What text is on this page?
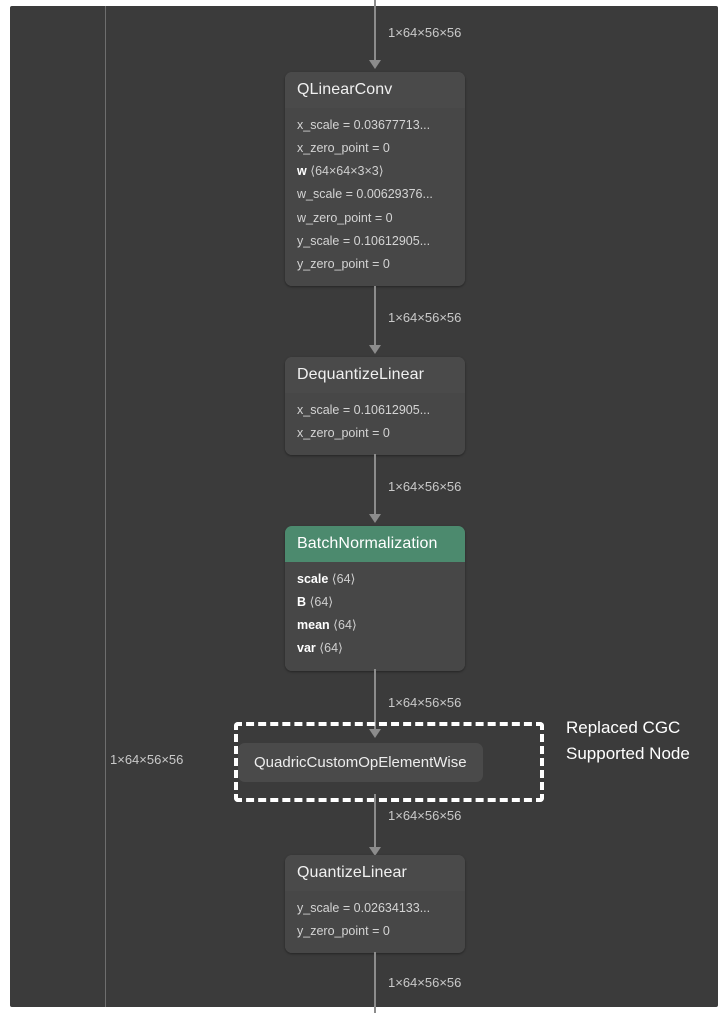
1×64×56×56
QLinearConv
x_scale = 0.03677713...
x_zero_point = 0
w ⟨64×64×3×3⟩
w_scale = 0.00629376...
w_zero_point = 0
y_scale = 0.10612905...
y_zero_point = 0
1×64×56×56
DequantizeLinear
x_scale = 0.10612905...
x_zero_point = 0
1×64×56×56
BatchNormalization
scale ⟨64⟩
B ⟨64⟩
mean ⟨64⟩
var ⟨64⟩
1×64×56×56
QuadricCustomOpElementWise
1×64×56×56
Replaced CGC Supported Node
1×64×56×56
QuantizeLinear
y_scale = 0.02634133...
y_zero_point = 0
1×64×56×56
